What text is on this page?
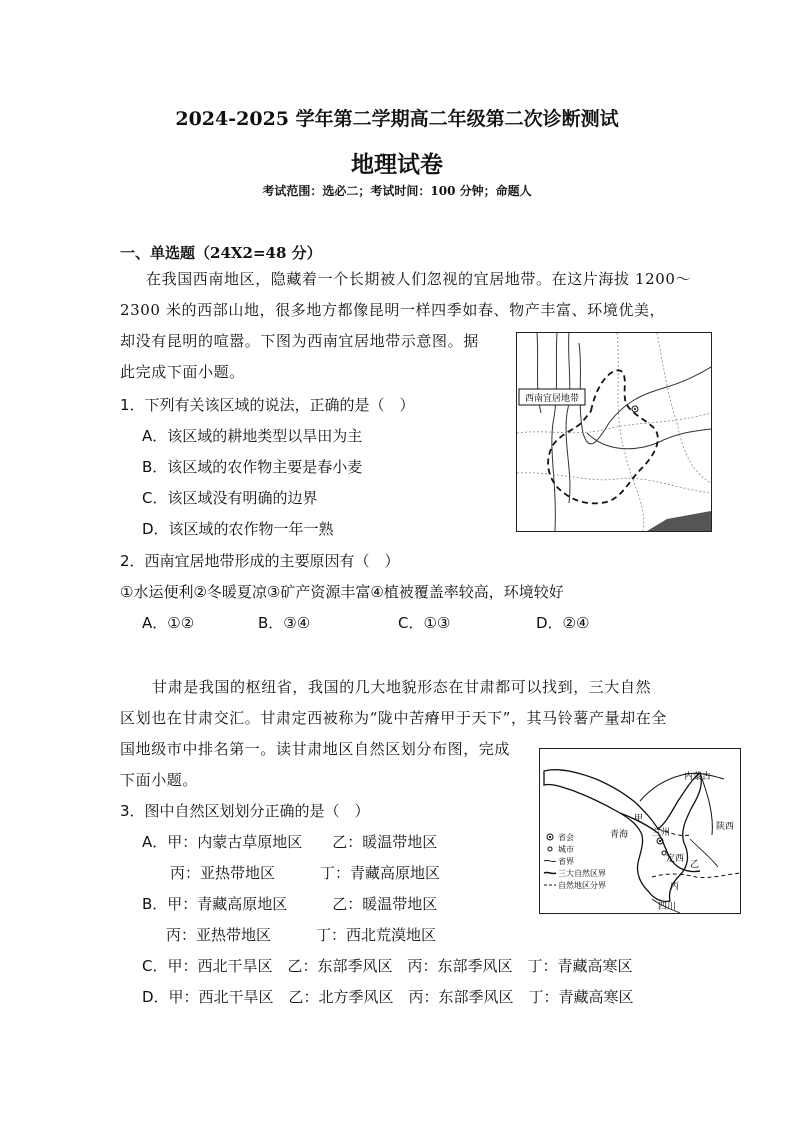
2024-2025 学年第二学期高二年级第二次诊断测试
地理试卷
考试范围：选必二；考试时间：100 分钟；命题人
一、单选题（24X2=48 分）
在我国西南地区，隐藏着一个长期被人们忽视的宜居地带。在这片海拔 1200～
2300 米的西部山地，很多地方都像昆明一样四季如春、物产丰富、环境优美，
却没有昆明的喧嚣。下图为西南宜居地带示意图。据
此完成下面小题。
西南宜居地带
1．下列有关该区域的说法，正确的是（　）
A．该区域的耕地类型以旱田为主
B．该区域的农作物主要是春小麦
C．该区域没有明确的边界
D．该区域的农作物一年一熟
2．西南宜居地带形成的主要原因有（　）
①水运便利②冬暖夏凉③矿产资源丰富④植被覆盖率较高，环境较好
A．①②	B．③④	C．①③	D．②④
甘肃是我国的枢纽省，我国的几大地貌形态在甘肃都可以找到，三大自然
区划也在甘肃交汇。甘肃定西被称为“陇中苦瘠甲于天下”，其马铃薯产量却在全
国地级市中排名第一。读甘肃地区自然区划分布图，完成
下面小题。	内蒙古
甲
青海	兰州
陕西
定西
乙
丙
四川
省会
城市
省界
三大自然区界
自然地区分界
3．图中自然区划划分正确的是（　）
A．甲：内蒙古草原地区　　乙：暖温带地区
丙：亚热带地区　　　丁：青藏高原地区
B．甲：青藏高原地区　　　乙：暖温带地区
丙：亚热带地区　　　丁：西北荒漠地区
C．甲：西北干旱区　乙：东部季风区　丙：东部季风区　丁：青藏高寒区
D．甲：西北干旱区　乙：北方季风区　丙：东部季风区　丁：青藏高寒区
